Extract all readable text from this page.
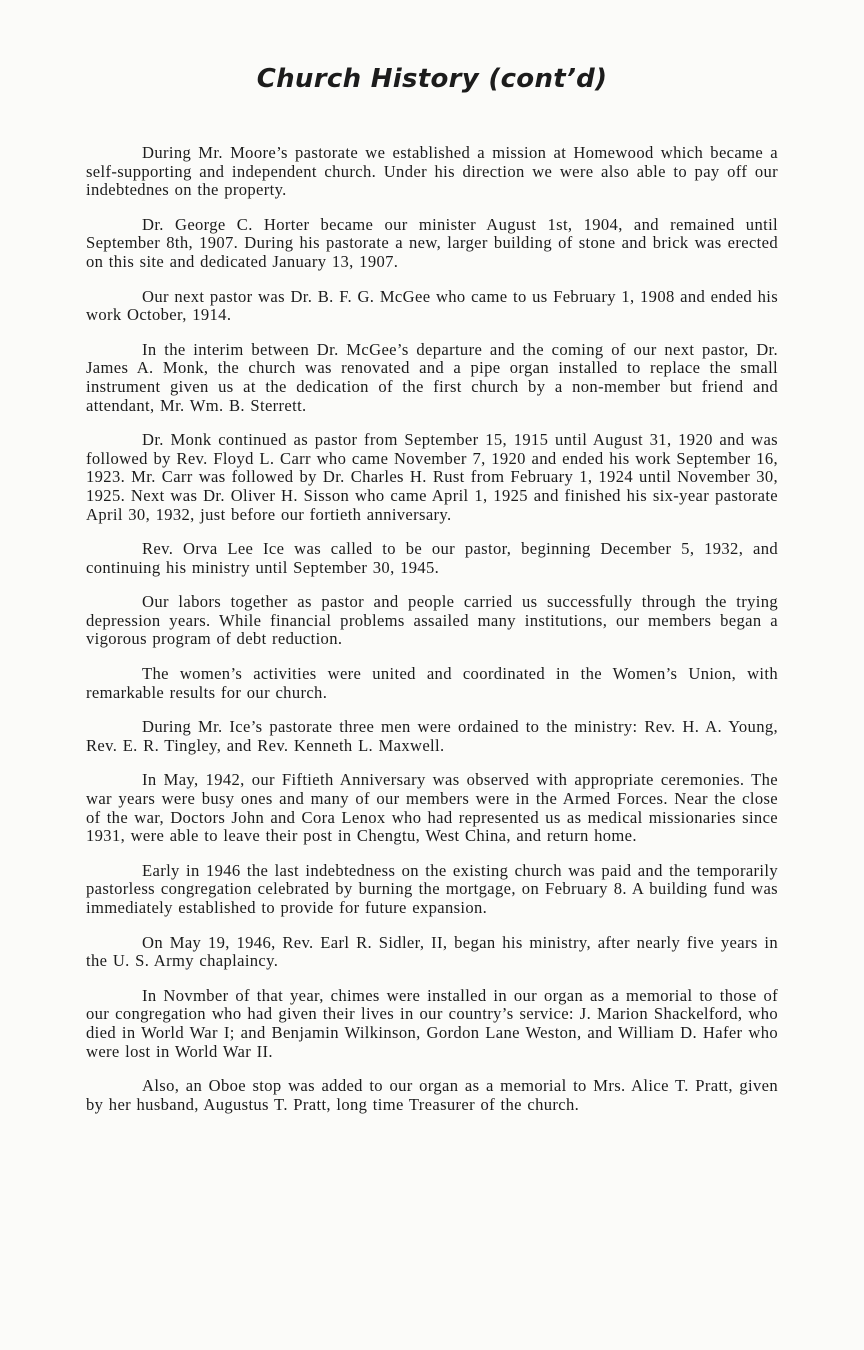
Church History (cont’d)

During Mr. Moore’s pastorate we established a mission at Homewood which became a self-supporting and independent church. Under his direction we were also able to pay off our indebtednes on the property.

Dr. George C. Horter became our minister August 1st, 1904, and remained until September 8th, 1907. During his pastorate a new, larger building of stone and brick was erected on this site and dedicated January 13, 1907.

Our next pastor was Dr. B. F. G. McGee who came to us February 1, 1908 and ended his work October, 1914.

In the interim between Dr. McGee’s departure and the coming of our next pastor, Dr. James A. Monk, the church was renovated and a pipe organ installed to replace the small instrument given us at the dedication of the first church by a non-member but friend and attendant, Mr. Wm. B. Sterrett.

Dr. Monk continued as pastor from September 15, 1915 until August 31, 1920 and was followed by Rev. Floyd L. Carr who came November 7, 1920 and ended his work September 16, 1923. Mr. Carr was followed by Dr. Charles H. Rust from February 1, 1924 until November 30, 1925. Next was Dr. Oliver H. Sisson who came April 1, 1925 and finished his six-year pastorate April 30, 1932, just before our fortieth anniversary.

Rev. Orva Lee Ice was called to be our pastor, beginning December 5, 1932, and continuing his ministry until September 30, 1945.

Our labors together as pastor and people carried us successfully through the trying depression years. While financial problems assailed many institutions, our members began a vigorous program of debt reduction.

The women’s activities were united and coordinated in the Women’s Union, with remarkable results for our church.

During Mr. Ice’s pastorate three men were ordained to the ministry: Rev. H. A. Young, Rev. E. R. Tingley, and Rev. Kenneth L. Maxwell.

In May, 1942, our Fiftieth Anniversary was observed with appropriate ceremonies. The war years were busy ones and many of our members were in the Armed Forces. Near the close of the war, Doctors John and Cora Lenox who had represented us as medical missionaries since 1931, were able to leave their post in Chengtu, West China, and return home.

Early in 1946 the last indebtedness on the existing church was paid and the temporarily pastorless congregation celebrated by burning the mortgage, on February 8. A building fund was immediately established to provide for future expansion.

On May 19, 1946, Rev. Earl R. Sidler, II, began his ministry, after nearly five years in the U. S. Army chaplaincy.

In Novmber of that year, chimes were installed in our organ as a memorial to those of our congregation who had given their lives in our country’s service: J. Marion Shackelford, who died in World War I; and Benjamin Wilkinson, Gordon Lane Weston, and William D. Hafer who were lost in World War II.

Also, an Oboe stop was added to our organ as a memorial to Mrs. Alice T. Pratt, given by her husband, Augustus T. Pratt, long time Treasurer of the church.
